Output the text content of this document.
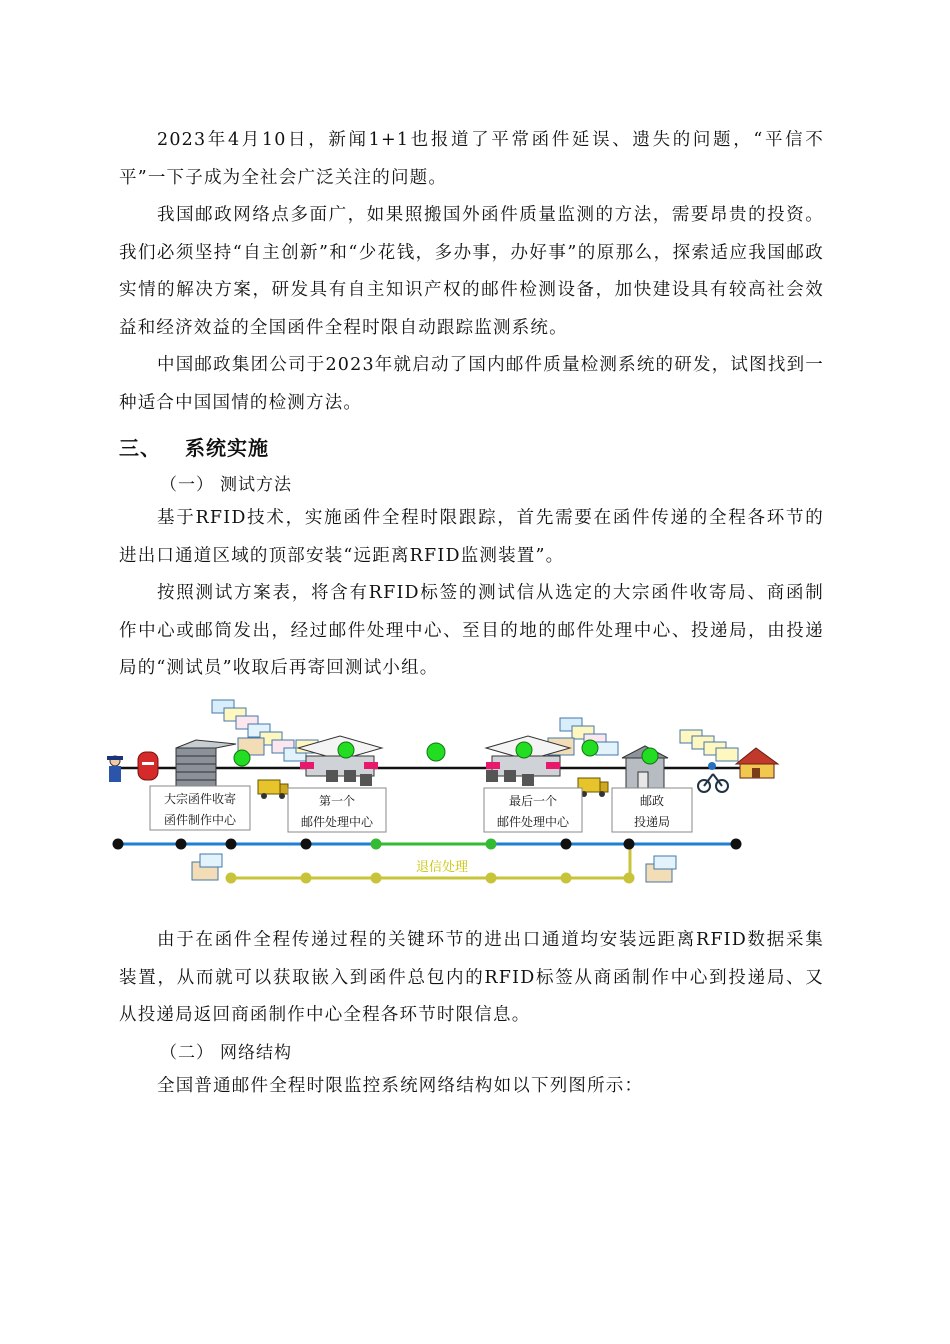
2023年4月10日，新闻1+1也报道了平常函件延误、遗失的问题，“平信不平”一下子成为全社会广泛关注的问题。

我国邮政网络点多面广，如果照搬国外函件质量监测的方法，需要昂贵的投资。我们必须坚持“自主创新”和“少花钱，多办事，办好事”的原那么，探索适应我国邮政实情的解决方案，研发具有自主知识产权的邮件检测设备，加快建设具有较高社会效益和经济效益的全国函件全程时限自动跟踪监测系统。

中国邮政集团公司于2023年就启动了国内邮件质量检测系统的研发，试图找到一种适合中国国情的检测方法。

三、 系统实施

（一） 测试方法

基于RFID技术，实施函件全程时限跟踪，首先需要在函件传递的全程各环节的进出口通道区域的顶部安装“远距离RFID监测装置”。

按照测试方案表，将含有RFID标签的测试信从选定的大宗函件收寄局、商函制作中心或邮筒发出，经过邮件处理中心、至目的地的邮件处理中心、投递局，由投递局的“测试员”收取后再寄回测试小组。

大宗函件收寄
函件制作中心
第一个
邮件处理中心
最后一个
邮件处理中心
邮政
投递局
退信处理

由于在函件全程传递过程的关键环节的进出口通道均安装远距离RFID数据采集装置，从而就可以获取嵌入到函件总包内的RFID标签从商函制作中心到投递局、又从投递局返回商函制作中心全程各环节时限信息。

（二） 网络结构

全国普通邮件全程时限监控系统网络结构如以下列图所示：
